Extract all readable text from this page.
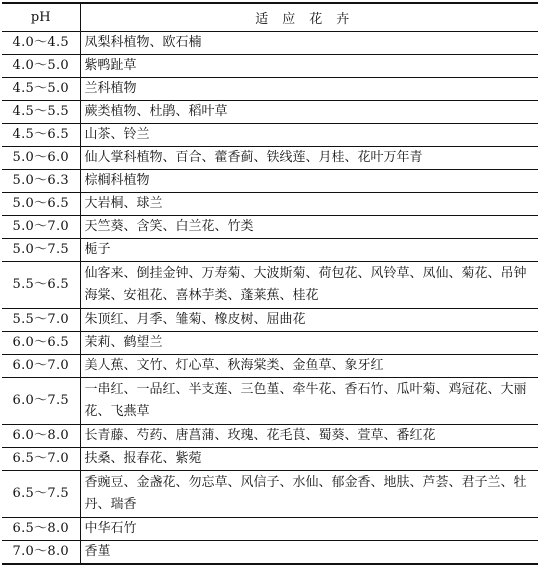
pH	适应花卉
4.0～4.5	凤梨科植物、欧石楠
4.0～5.0	紫鸭趾草
4.5～5.0	兰科植物
4.5～5.5	蕨类植物、杜鹃、稻叶草
4.5～6.5	山茶、铃兰
5.0～6.0	仙人掌科植物、百合、藿香蓟、铁线莲、月桂、花叶万年青
5.0～6.3	棕榈科植物
5.0～6.5	大岩桐、球兰
5.0～7.0	天竺葵、含笑、白兰花、竹类
5.0～7.5	栀子
5.5～6.5	仙客来、倒挂金钟、万寿菊、大波斯菊、荷包花、风铃草、凤仙、菊花、吊钟海棠、安祖花、喜林芋类、蓬莱蕉、桂花
5.5～7.0	朱顶红、月季、雏菊、橡皮树、屈曲花
6.0～6.5	茉莉、鹤望兰
6.0～7.0	美人蕉、文竹、灯心草、秋海棠类、金鱼草、象牙红
6.0～7.5	一串红、一品红、半支莲、三色堇、牵牛花、香石竹、瓜叶菊、鸡冠花、大丽花、飞燕草
6.0～8.0	长青藤、芍药、唐菖蒲、玫瑰、花毛茛、蜀葵、萱草、番红花
6.5～7.0	扶桑、报春花、紫菀
6.5～7.5	香豌豆、金盏花、勿忘草、风信子、水仙、郁金香、地肤、芦荟、君子兰、牡丹、瑞香
6.5～8.0	中华石竹
7.0～8.0	香堇
